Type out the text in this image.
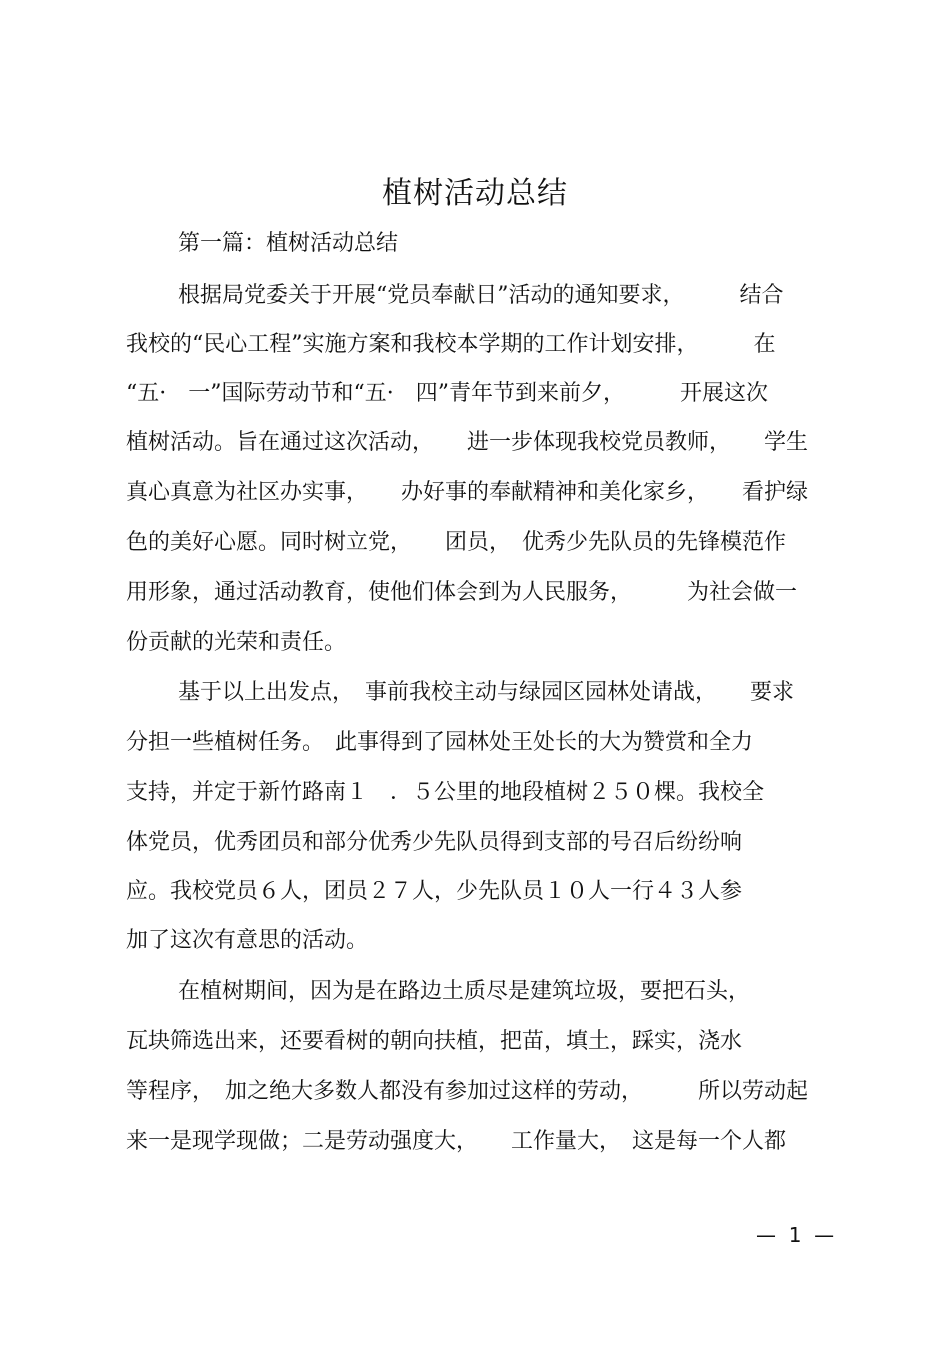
植树活动总结
第一篇：植树活动总结
根据局党委关于开展“党员奉献日”活动的通知要求，　　　结合
我校的“民心工程”实施方案和我校本学期的工作计划安排，　　　在
“五·　一”国际劳动节和“五·　四”青年节到来前夕，　　　开展这次
植树活动。旨在通过这次活动，　　进一步体现我校党员教师，　　学生
真心真意为社区办实事，　　办好事的奉献精神和美化家乡，　　看护绿
色的美好心愿。同时树立党，　　团员，　优秀少先队员的先锋模范作
用形象，通过活动教育，使他们体会到为人民服务，　　　为社会做一
份贡献的光荣和责任。
基于以上出发点，　事前我校主动与绿园区园林处请战，　　要求
分担一些植树任务。　此事得到了园林处王处长的大为赞赏和全力
支持，并定于新竹路南１　．５公里的地段植树２５０棵。我校全
体党员，优秀团员和部分优秀少先队员得到支部的号召后纷纷响
应。我校党员６人，团员２７人，少先队员１０人一行４３人参
加了这次有意思的活动。
在植树期间，因为是在路边土质尽是建筑垃圾，要把石头，
瓦块筛选出来，还要看树的朝向扶植，把苗，填土，踩实，浇水
等程序，　加之绝大多数人都没有参加过这样的劳动，　　　所以劳动起
来一是现学现做；二是劳动强度大，　　工作量大，　这是每一个人都
—  1  —
